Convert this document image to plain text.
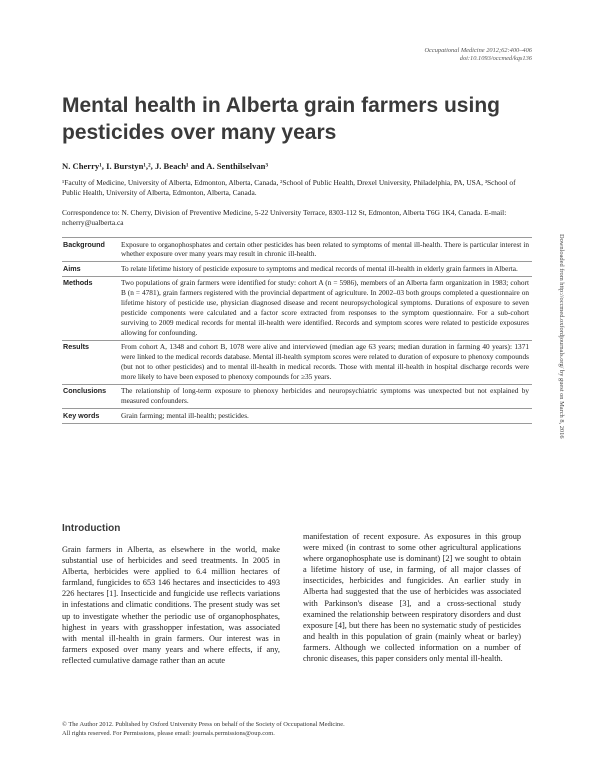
Occupational Medicine 2012;62:400–406
doi:10.1093/occmed/kqs136
Mental health in Alberta grain farmers using pesticides over many years
N. Cherry¹, I. Burstyn¹,², J. Beach¹ and A. Senthilselvan³
¹Faculty of Medicine, University of Alberta, Edmonton, Alberta, Canada, ²School of Public Health, Drexel University, Philadelphia, PA, USA, ³School of Public Health, University of Alberta, Edmonton, Alberta, Canada.
Correspondence to: N. Cherry, Division of Preventive Medicine, 5-22 University Terrace, 8303-112 St, Edmonton, Alberta T6G 1K4, Canada. E-mail: ncherry@ualberta.ca
Background	Exposure to organophosphates and certain other pesticides has been related to symptoms of mental ill-health. There is particular interest in whether exposure over many years may result in chronic ill-health.
Aims	To relate lifetime history of pesticide exposure to symptoms and medical records of mental ill-health in elderly grain farmers in Alberta.
Methods	Two populations of grain farmers were identified for study: cohort A (n = 5986), members of an Alberta farm organization in 1983; cohort B (n = 4781), grain farmers registered with the provincial department of agriculture. In 2002–03 both groups completed a questionnaire on lifetime history of pesticide use, physician diagnosed disease and recent neuropsychological symptoms. Durations of exposure to seven pesticide components were calculated and a factor score extracted from responses to the symptom questionnaire. For a sub-cohort surviving to 2009 medical records for mental ill-health were identified. Records and symptom scores were related to pesticide exposures allowing for confounding.
Results	From cohort A, 1348 and cohort B, 1078 were alive and interviewed (median age 63 years; median duration in farming 40 years): 1371 were linked to the medical records database. Mental ill-health symptom scores were related to duration of exposure to phenoxy compounds (but not to other pesticides) and to mental ill-health in medical records. Those with mental ill-health in hospital discharge records were more likely to have been exposed to phenoxy compounds for ≥35 years.
Conclusions	The relationship of long-term exposure to phenoxy herbicides and neuropsychiatric symptoms was unexpected but not explained by measured confounders.
Key words	Grain farming; mental ill-health; pesticides.
Introduction

Grain farmers in Alberta, as elsewhere in the world, make substantial use of herbicides and seed treatments. In 2005 in Alberta, herbicides were applied to 6.4 million hectares of farmland, fungicides to 653 146 hectares and insecticides to 493 226 hectares [1]. Insecticide and fungicide use reflects variations in infestations and climatic conditions. The present study was set up to investigate whether the periodic use of organophosphates, highest in years with grasshopper infestation, was associated with mental ill-health in grain farmers. Our interest was in farmers exposed over many years and where effects, if any, reflected cumulative damage rather than an acute

manifestation of recent exposure. As exposures in this group were mixed (in contrast to some other agricultural applications where organophosphate use is dominant) [2] we sought to obtain a lifetime history of use, in farming, of all major classes of insecticides, herbicides and fungicides. An earlier study in Alberta had suggested that the use of herbicides was associated with Parkinson's disease [3], and a cross-sectional study examined the relationship between respiratory disorders and dust exposure [4], but there has been no systematic study of pesticides and health in this population of grain (mainly wheat or barley) farmers. Although we collected information on a number of chronic diseases, this paper considers only mental ill-health.

© The Author 2012. Published by Oxford University Press on behalf of the Society of Occupational Medicine.
All rights reserved. For Permissions, please email: journals.permissions@oup.com.
Downloaded from http://occmed.oxfordjournals.org/ by guest on March 8, 2016
